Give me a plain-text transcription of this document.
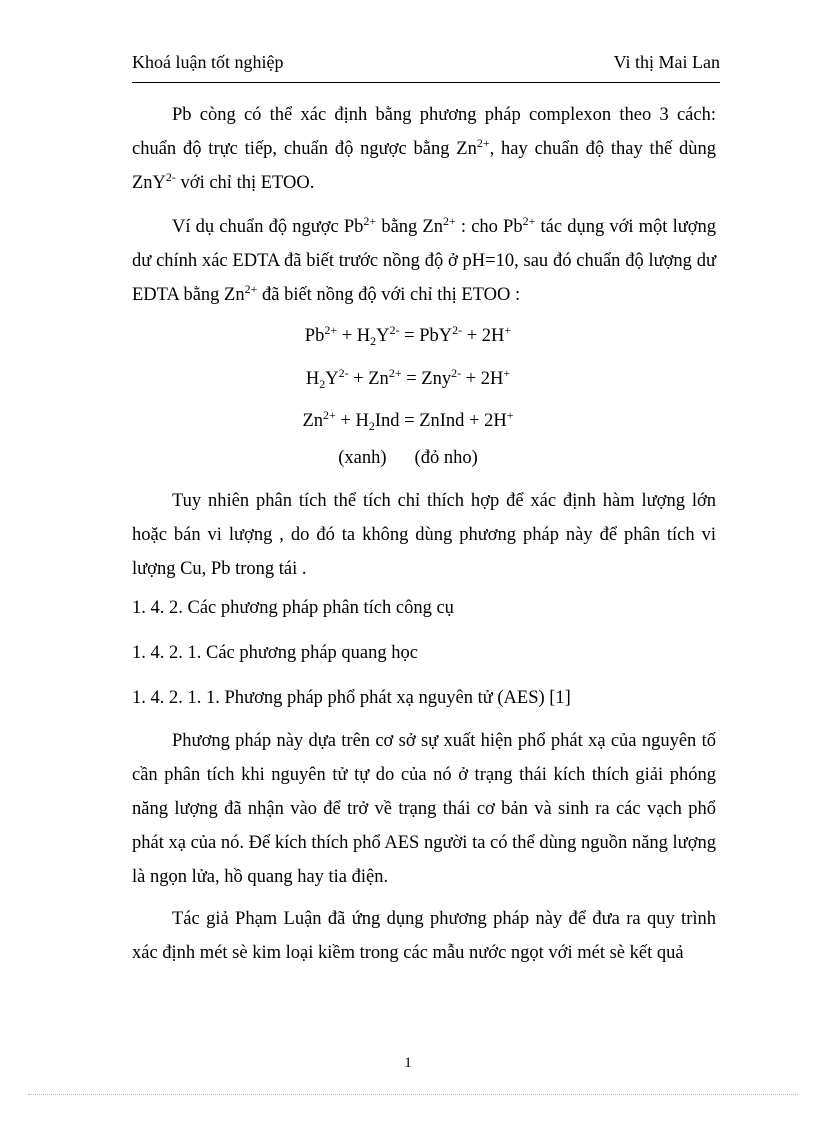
Khoá luận tốt nghiệp	Vi thị Mai Lan

Pb còng có thể xác định bằng phương pháp complexon theo 3 cách: chuẩn độ trực tiếp, chuẩn độ ngược bằng $Zn^{2+}$, hay chuẩn độ thay thế dùng ZnY$^{2-}$ với chỉ thị ETOO.

Ví dụ chuẩn độ ngược $Pb^{2+}$ bằng $Zn^{2+}$ : cho $Pb^{2+}$ tác dụng với một lượng dư chính xác EDTA đã biết trước nồng độ ở pH=10, sau đó chuẩn độ lượng dư EDTA bằng $Zn^{2+}$ đã biết nồng độ với chỉ thị ETOO :

$Pb^{2+} + H_2Y^{2-} = PbY^{2-} + 2H^+$
$H_2Y^{2-} + Zn^{2+} = Zny^{2-} + 2H^+$
$Zn^{2+} + H_2Ind$ = ZnInd + 2H+
(xanh) (đỏ nho)

Tuy nhiên phân tích thể tích chỉ thích hợp để xác định hàm lượng lớn hoặc bán vi lượng , do đó ta không dùng phương pháp này để phân tích vi lượng Cu, Pb trong tái .

1. 4. 2. Các phương pháp phân tích công cụ
1. 4. 2. 1. Các phương pháp quang học
1. 4. 2. 1. 1. Phương pháp phổ phát xạ nguyên tử (AES) [1]

Phương pháp này dựa trên cơ sở sự xuất hiện phổ phát xạ của nguyên tố cần phân tích khi nguyên tử tự do của nó ở trạng thái kích thích giải phóng năng lượng đã nhận vào để trở về trạng thái cơ bản và sinh ra các vạch phổ phát xạ của nó. Để kích thích phổ AES người ta có thể dùng nguồn năng lượng là ngọn lửa, hồ quang hay tia điện.

Tác giả Phạm Luận đã ứng dụng phương pháp này để đưa ra quy trình xác định mét sè kim loại kiềm trong các mẫu nước ngọt với mét sè kết quả

1
